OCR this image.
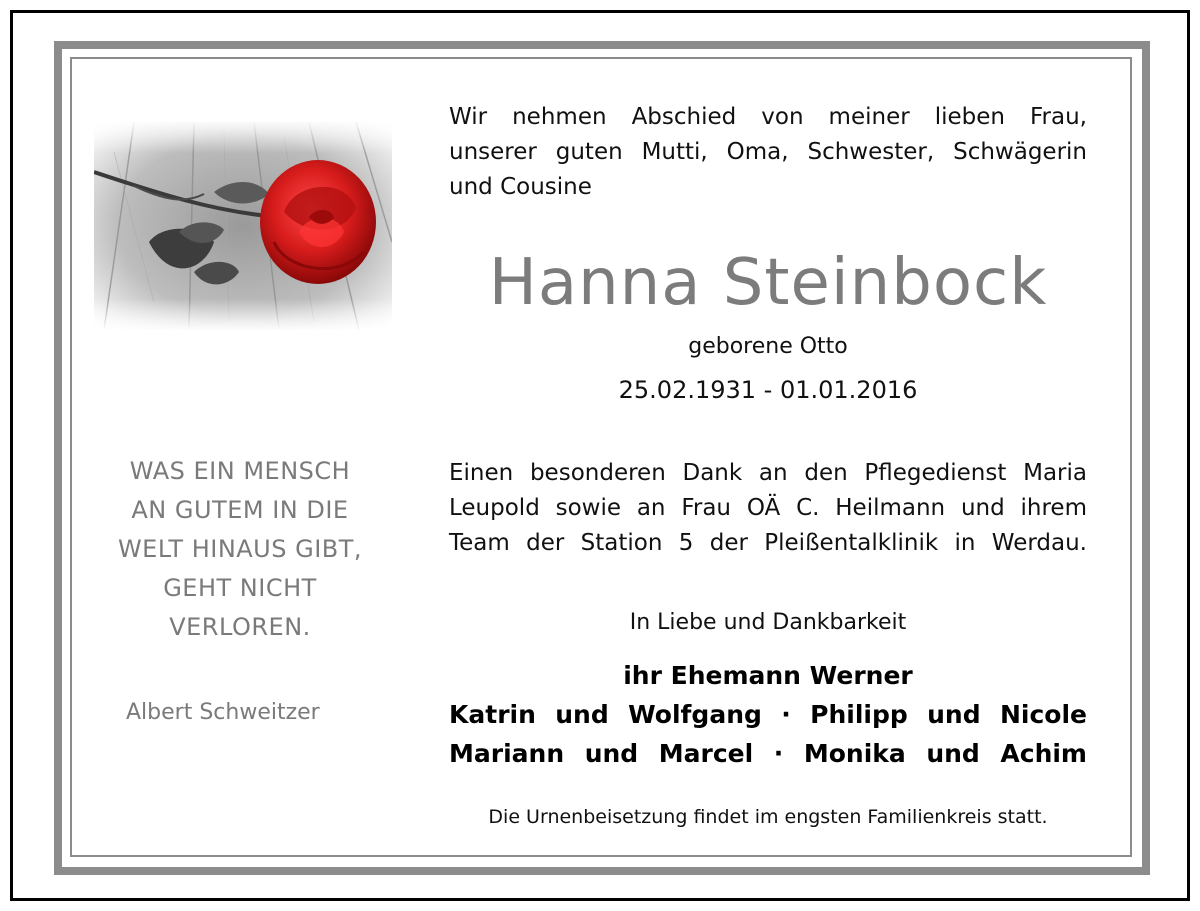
WAS EIN MENSCH
AN GUTEM IN DIE
WELT HINAUS GIBT,
GEHT NICHT
VERLOREN.
Albert Schweitzer
Wir nehmen Abschied von meiner lieben Frau,
unserer guten Mutti, Oma, Schwester, Schwägerin
und Cousine
Hanna Steinbock
geborene Otto
25.02.1931 - 01.01.2016
Einen besonderen Dank an den Pflegedienst Maria
Leupold sowie an Frau OÄ C. Heilmann und ihrem
Team der Station 5 der Pleißentalklinik in Werdau.
In Liebe und Dankbarkeit
ihr Ehemann Werner
Katrin und Wolfgang · Philipp und Nicole
Mariann und Marcel · Monika und Achim
Die Urnenbeisetzung findet im engsten Familienkreis statt.
